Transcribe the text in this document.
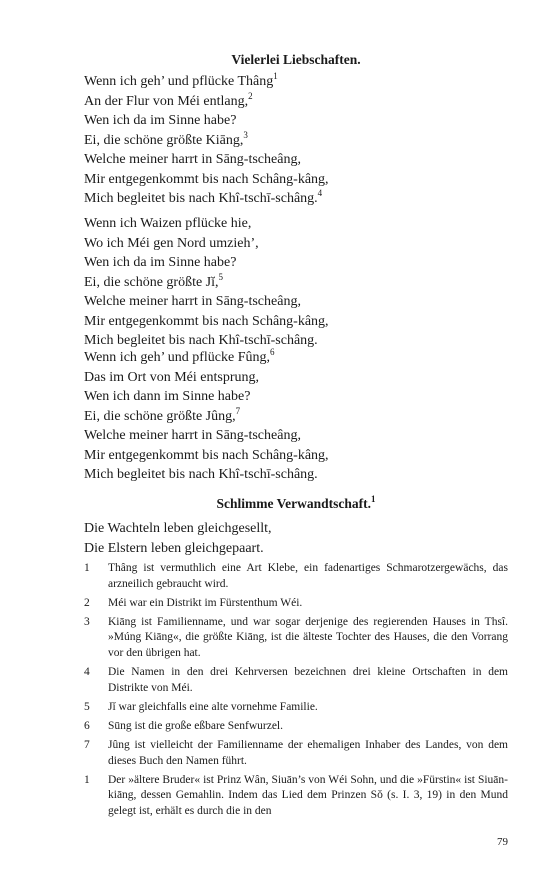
Vielerlei Liebschaften.
Wenn ich geh’ und pflücke Thâng$^1$
An der Flur von Méi entlang,$^2$
Wen ich da im Sinne habe?
Ei, die schöne größte Kiāng,$^3$
Welche meiner harrt in Sāng-tscheâng,
Mir entgegenkommt bis nach Schâng-kâng,
Mich begleitet bis nach Khî-tschī-schâng.$^4$
Wenn ich Waizen pflücke hie,
Wo ich Méi gen Nord umzieh’,
Wen ich da im Sinne habe?
Ei, die schöne größte Jĭ,$^5$
Welche meiner harrt in Sāng-tscheâng,
Mir entgegenkommt bis nach Schâng-kâng,
Mich begleitet bis nach Khî-tschī-schâng.
Wenn ich geh’ und pflücke Fûng,$^6$
Das im Ort von Méi entsprung,
Wen ich dann im Sinne habe?
Ei, die schöne größte Jûng,$^7$
Welche meiner harrt in Sāng-tscheâng,
Mir entgegenkommt bis nach Schâng-kâng,
Mich begleitet bis nach Khî-tschī-schâng.
Schlimme Verwandtschaft.$^1$
Die Wachteln leben gleichgesellt,
Die Elstern leben gleichgepaart.
1	Thâng ist vermuthlich eine Art Klebe, ein fadenartiges Schmarotzergewächs, das arzneilich gebraucht wird.
2	Méi war ein Distrikt im Fürstenthum Wéi.
3	Kiāng ist Familienname, und war sogar derjenige des regierenden Hauses in Thsî. »Múng Kiāng«, die größte Kiāng, ist die älteste Tochter des Hauses, die den Vorrang vor den übrigen hat.
4	Die Namen in den drei Kehrversen bezeichnen drei kleine Ortschaften in dem Distrikte von Méi.
5	Jĭ war gleichfalls eine alte vornehme Familie.
6	Sūng ist die große eßbare Senfwurzel.
7	Jûng ist vielleicht der Familienname der ehemaligen Inhaber des Landes, von dem dieses Buch den Namen führt.
1	Der »ältere Bruder« ist Prinz Wân, Siuān’s von Wéi Sohn, und die »Fürstin« ist Siuān-kiāng, dessen Gemahlin. Indem das Lied dem Prinzen Sŏ (s. I. 3, 19) in den Mund gelegt ist, erhält es durch die in den
79
